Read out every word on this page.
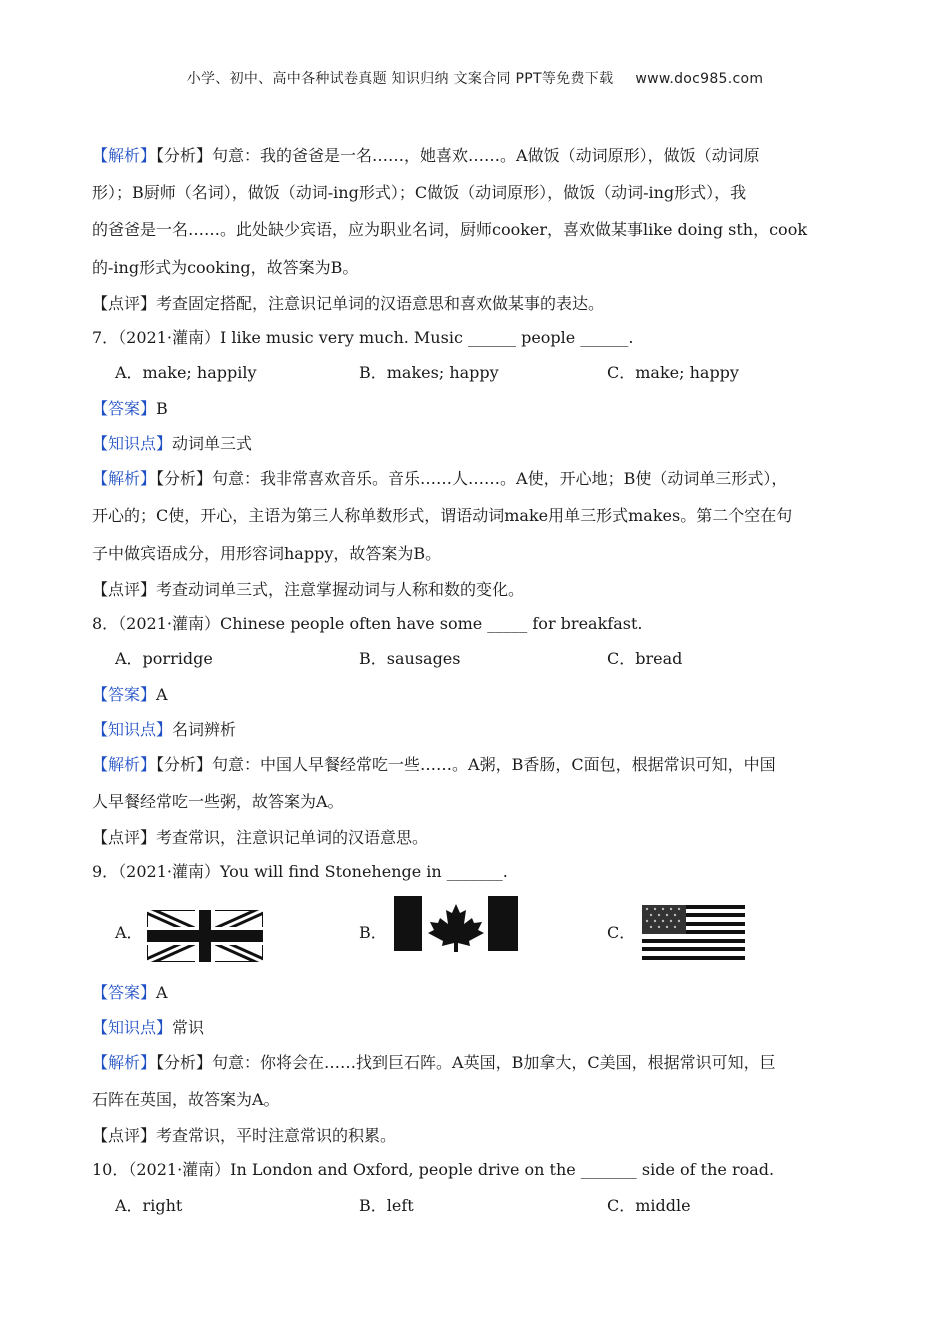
小学、初中、高中各种试卷真题 知识归纳 文案合同 PPT等免费下载 www.doc985.com
【解析】【分析】句意：我的爸爸是一名……，她喜欢……。A做饭（动词原形），做饭（动词原
形）；B厨师（名词），做饭（动词-ing形式）；C做饭（动词原形），做饭（动词-ing形式），我
的爸爸是一名……。此处缺少宾语，应为职业名词，厨师cooker，喜欢做某事like doing sth，cook
的-ing形式为cooking，故答案为B。
【点评】考查固定搭配，注意识记单词的汉语意思和喜欢做某事的表达。
7．（2021·灌南）I like music very much. Music ______ people ______.
A．make; happily	B．makes; happy	C．make; happy
【答案】B
【知识点】动词单三式
【解析】【分析】句意：我非常喜欢音乐。音乐……人……。A使，开心地；B使（动词单三形式），
开心的；C使，开心，主语为第三人称单数形式，谓语动词make用单三形式makes。第二个空在句
子中做宾语成分，用形容词happy，故答案为B。
【点评】考查动词单三式，注意掌握动词与人称和数的变化。
8．（2021·灌南）Chinese people often have some _____ for breakfast.
A．porridge	B．sausages	C．bread
【答案】A
【知识点】名词辨析
【解析】【分析】句意：中国人早餐经常吃一些……。A粥，B香肠，C面包，根据常识可知，中国
人早餐经常吃一些粥，故答案为A。
【点评】考查常识，注意识记单词的汉语意思。
9．（2021·灌南）You will find Stonehenge in _______.
A．	B．	C．
【答案】A
【知识点】常识
【解析】【分析】句意：你将会在……找到巨石阵。A英国，B加拿大，C美国，根据常识可知，巨
石阵在英国，故答案为A。
【点评】考查常识，平时注意常识的积累。
10．（2021·灌南）In London and Oxford, people drive on the _______ side of the road.
A．right	B．left	C．middle
